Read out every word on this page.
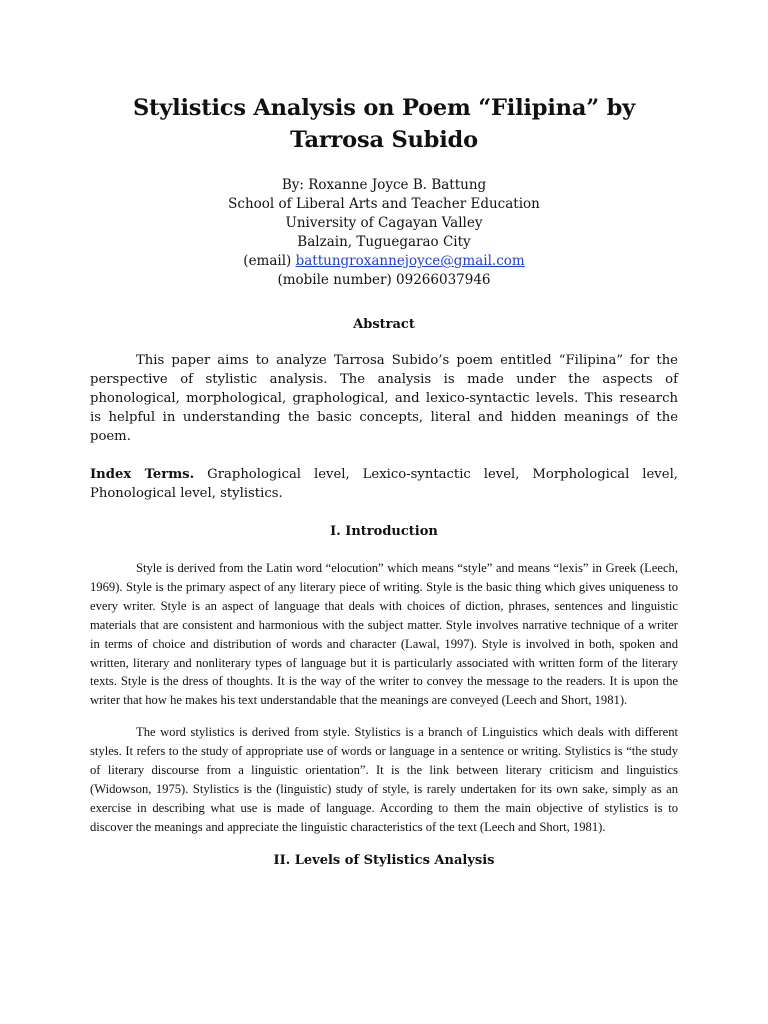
Stylistics Analysis on Poem “Filipina” by Tarrosa Subido
By: Roxanne Joyce B. Battung
School of Liberal Arts and Teacher Education
University of Cagayan Valley
Balzain, Tuguegarao City
(email) battungroxannejoyce@gmail.com
(mobile number) 09266037946
Abstract

This paper aims to analyze Tarrosa Subido’s poem entitled “Filipina” for the perspective of stylistic analysis. The analysis is made under the aspects of phonological, morphological, graphological, and lexico-syntactic levels. This research is helpful in understanding the basic concepts, literal and hidden meanings of the poem.

Index Terms. Graphological level, Lexico-syntactic level, Morphological level, Phonological level, stylistics.

I. Introduction

Style is derived from the Latin word “elocution” which means “style” and means “lexis” in Greek (Leech, 1969). Style is the primary aspect of any literary piece of writing. Style is the basic thing which gives uniqueness to every writer. Style is an aspect of language that deals with choices of diction, phrases, sentences and linguistic materials that are consistent and harmonious with the subject matter. Style involves narrative technique of a writer in terms of choice and distribution of words and character (Lawal, 1997). Style is involved in both, spoken and written, literary and nonliterary types of language but it is particularly associated with written form of the literary texts. Style is the dress of thoughts. It is the way of the writer to convey the message to the readers. It is upon the writer that how he makes his text understandable that the meanings are conveyed (Leech and Short, 1981).

The word stylistics is derived from style. Stylistics is a branch of Linguistics which deals with different styles. It refers to the study of appropriate use of words or language in a sentence or writing. Stylistics is “the study of literary discourse from a linguistic orientation”. It is the link between literary criticism and linguistics (Widowson, 1975). Stylistics is the (linguistic) study of style, is rarely undertaken for its own sake, simply as an exercise in describing what use is made of language. According to them the main objective of stylistics is to discover the meanings and appreciate the linguistic characteristics of the text (Leech and Short, 1981).

II. Levels of Stylistics Analysis
